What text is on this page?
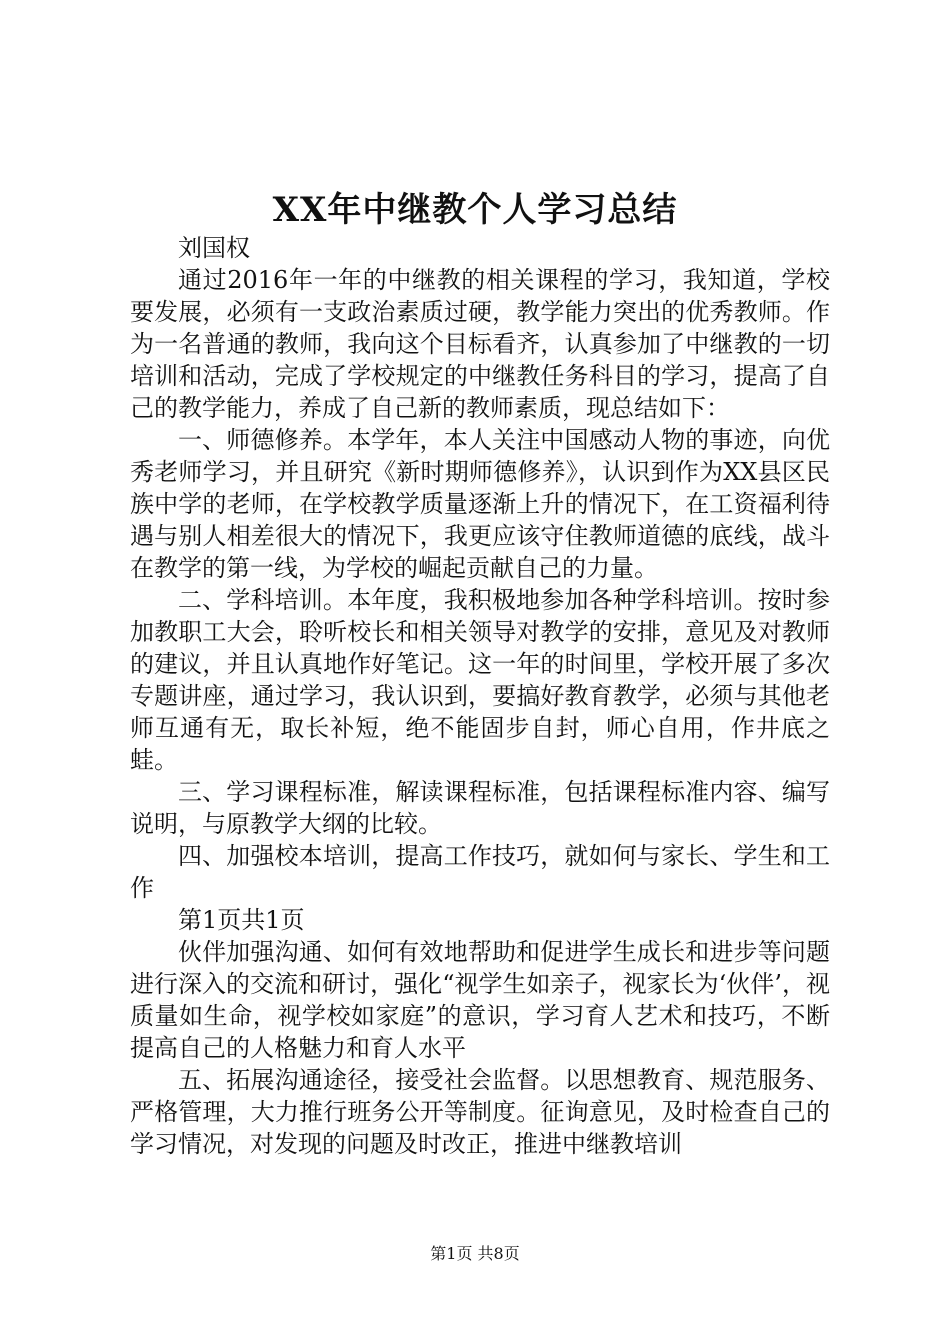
XX年中继教个人学习总结

刘国权

通过2016年一年的中继教的相关课程的学习，我知道，学校要发展，必须有一支政治素质过硬，教学能力突出的优秀教师。作为一名普通的教师，我向这个目标看齐，认真参加了中继教的一切培训和活动，完成了学校规定的中继教任务科目的学习，提高了自己的教学能力，养成了自己新的教师素质，现总结如下：

一、师德修养。本学年，本人关注中国感动人物的事迹，向优秀老师学习，并且研究《新时期师德修养》，认识到作为XX县区民族中学的老师，在学校教学质量逐渐上升的情况下，在工资福利待遇与别人相差很大的情况下，我更应该守住教师道德的底线，战斗在教学的第一线，为学校的崛起贡献自己的力量。

二、学科培训。本年度，我积极地参加各种学科培训。按时参加教职工大会，聆听校长和相关领导对教学的安排，意见及对教师的建议，并且认真地作好笔记。这一年的时间里，学校开展了多次专题讲座，通过学习，我认识到，要搞好教育教学，必须与其他老师互通有无，取长补短，绝不能固步自封，师心自用，作井底之蛙。

三、学习课程标准，解读课程标准，包括课程标准内容、编写说明，与原教学大纲的比较。

四、加强校本培训，提高工作技巧，就如何与家长、学生和工作

第1页共1页

伙伴加强沟通、如何有效地帮助和促进学生成长和进步等问题进行深入的交流和研讨，强化“视学生如亲子，视家长为‘伙伴’，视质量如生命，视学校如家庭”的意识，学习育人艺术和技巧，不断提高自己的人格魅力和育人水平

五、拓展沟通途径，接受社会监督。以思想教育、规范服务、严格管理，大力推行班务公开等制度。征询意见，及时检查自己的学习情况，对发现的问题及时改正，推进中继教培训

第1页 共8页
